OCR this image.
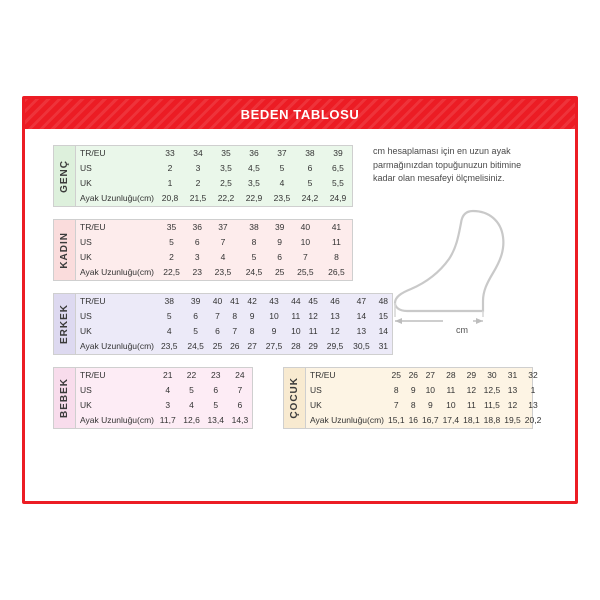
BEDEN TABLOSU
GENÇ
TR/EU	33	34	35	36	37	38	39
US	2	3	3,5	4,5	5	6	6,5
UK	1	2	2,5	3,5	4	5	5,5
Ayak Uzunluğu(cm)	20,8	21,5	22,2	22,9	23,5	24,2	24,9
KADIN
TR/EU	35	36	37	38	39	40	41
US	5	6	7	8	9	10	11
UK	2	3	4	5	6	7	8
Ayak Uzunluğu(cm)	22,5	23	23,5	24,5	25	25,5	26,5
ERKEK
TR/EU	38	39	40	41	42	43	44	45	46	47	48
US	5	6	7	8	9	10	11	12	13	14	15
UK	4	5	6	7	8	9	10	11	12	13	14
Ayak Uzunluğu(cm)	23,5	24,5	25	26	27	27,5	28	29	29,5	30,5	31
BEBEK
TR/EU	21	22	23	24
US	4	5	6	7
UK	3	4	5	6
Ayak Uzunluğu(cm)	11,7	12,6	13,4	14,3
ÇOCUK
TR/EU	25	26	27	28	29	30	31	32
US	8	9	10	11	12	12,5	13	1
UK	7	8	9	10	11	11,5	12	13
Ayak Uzunluğu(cm)	15,1	16	16,7	17,4	18,1	18,8	19,5	20,2
cm hesaplaması için en uzun ayak parmağınızdan topuğunuzun bitimine kadar olan mesafeyi ölçmelisiniz.
cm
